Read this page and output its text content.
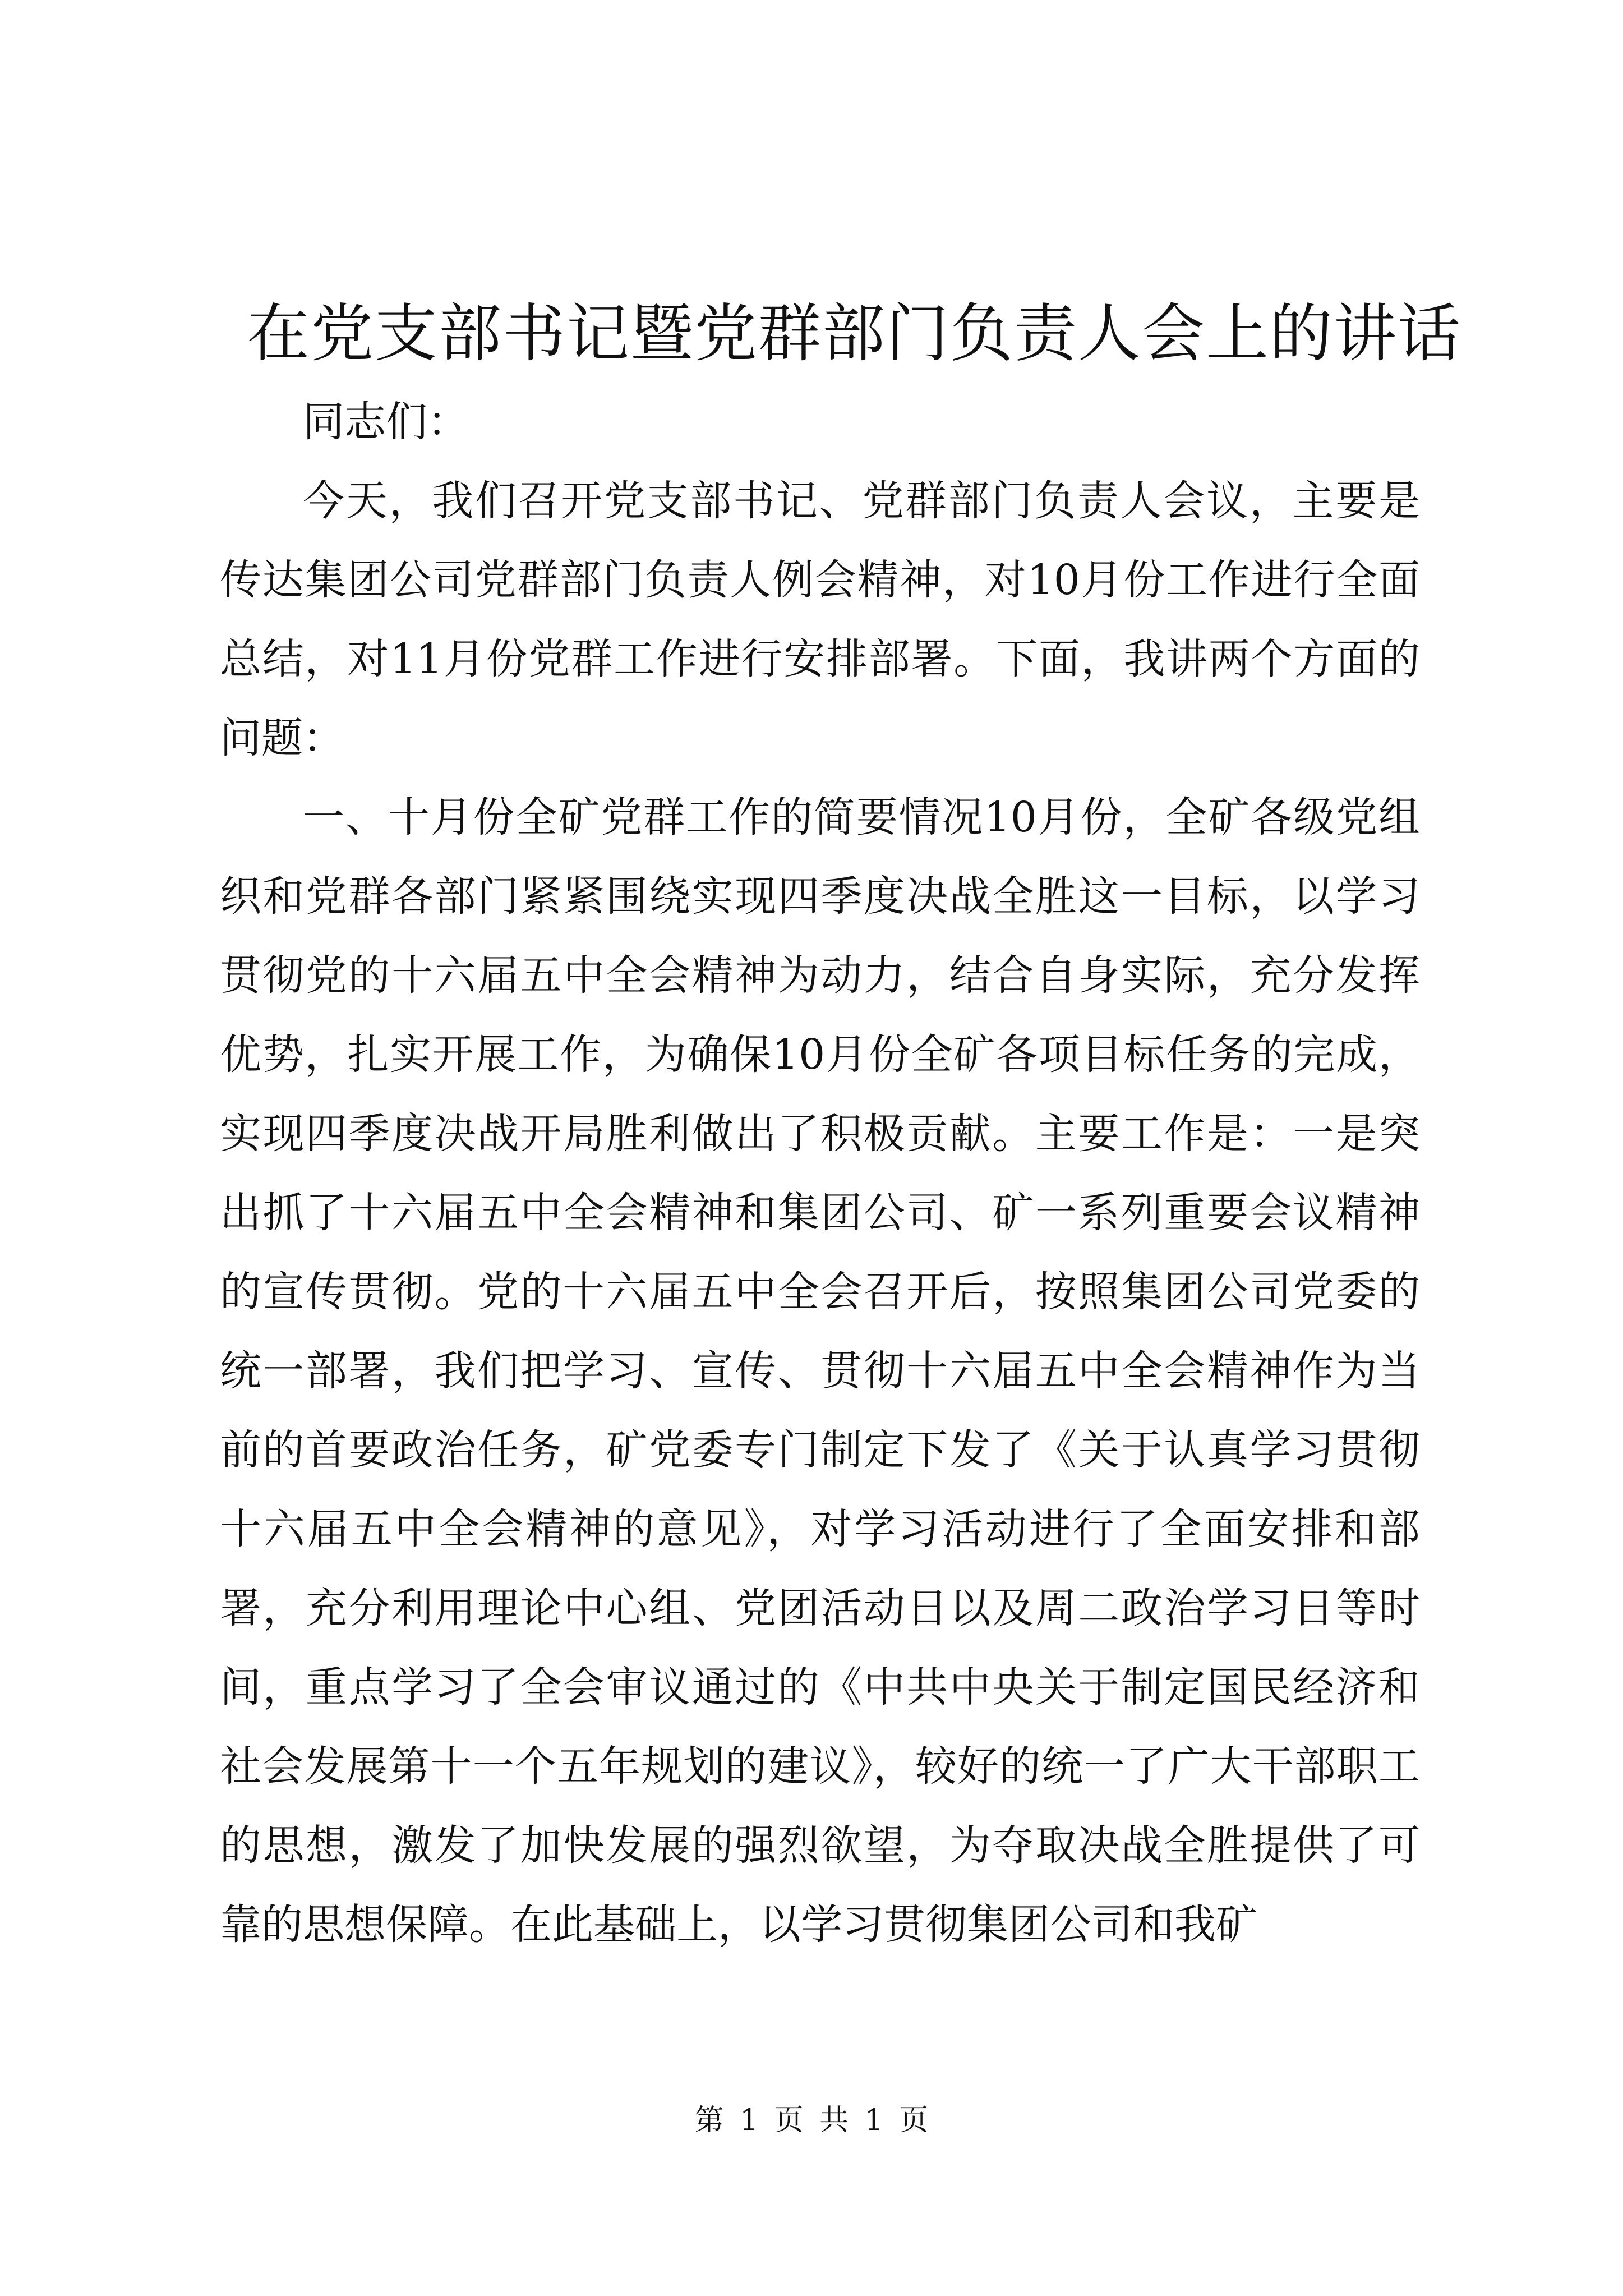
在党支部书记暨党群部门负责人会上的讲话

同志们：

今天，我们召开党支部书记、党群部门负责人会议，主要是传达集团公司党群部门负责人例会精神，对10月份工作进行全面总结，对11月份党群工作进行安排部署。下面，我讲两个方面的问题：

一、十月份全矿党群工作的简要情况10月份，全矿各级党组织和党群各部门紧紧围绕实现四季度决战全胜这一目标，以学习贯彻党的十六届五中全会精神为动力，结合自身实际，充分发挥优势，扎实开展工作，为确保10月份全矿各项目标任务的完成，实现四季度决战开局胜利做出了积极贡献。主要工作是：一是突出抓了十六届五中全会精神和集团公司、矿一系列重要会议精神的宣传贯彻。党的十六届五中全会召开后，按照集团公司党委的统一部署，我们把学习、宣传、贯彻十六届五中全会精神作为当前的首要政治任务，矿党委专门制定下发了《关于认真学习贯彻十六届五中全会精神的意见》，对学习活动进行了全面安排和部署，充分利用理论中心组、党团活动日以及周二政治学习日等时间，重点学习了全会审议通过的《中共中央关于制定国民经济和社会发展第十一个五年规划的建议》，较好的统一了广大干部职工的思想，激发了加快发展的强烈欲望，为夺取决战全胜提供了可靠的思想保障。在此基础上，以学习贯彻集团公司和我矿

第 1 页 共 1 页
